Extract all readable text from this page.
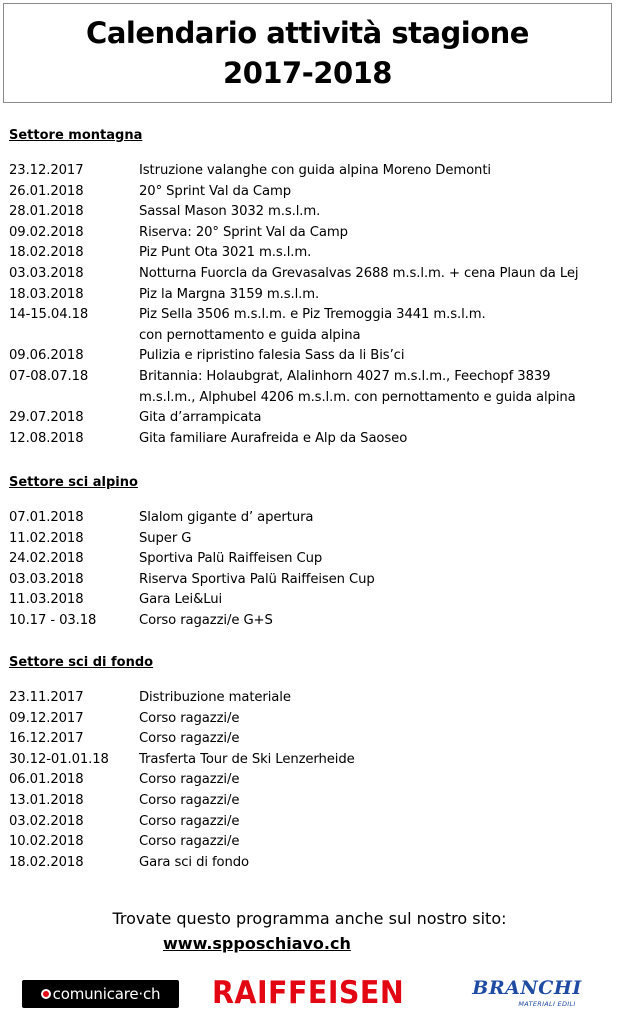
Calendario attività stagione
2017-2018
Settore montagna
23.12.2017	Istruzione valanghe con guida alpina Moreno Demonti
26.01.2018	20° Sprint Val da Camp
28.01.2018	Sassal Mason 3032 m.s.l.m.
09.02.2018	Riserva: 20° Sprint Val da Camp
18.02.2018	Piz Punt Ota 3021 m.s.l.m.
03.03.2018	Notturna Fuorcla da Grevasalvas 2688 m.s.l.m. + cena Plaun da Lej
18.03.2018	Piz la Margna 3159 m.s.l.m.
14-15.04.18	Piz Sella 3506 m.s.l.m. e Piz Tremoggia 3441 m.s.l.m.
con pernottamento e guida alpina
09.06.2018	Pulizia e ripristino falesia Sass da li Bis’ci
07-08.07.18	Britannia: Holaubgrat, Alalinhorn 4027 m.s.l.m., Feechopf 3839
m.s.l.m., Alphubel 4206 m.s.l.m. con pernottamento e guida alpina
29.07.2018	Gita d’arrampicata
12.08.2018	Gita familiare Aurafreida e Alp da Saoseo
Settore sci alpino
07.01.2018	Slalom gigante d’ apertura
11.02.2018	Super G
24.02.2018	Sportiva Palü Raiffeisen Cup
03.03.2018	Riserva Sportiva Palü Raiffeisen Cup
11.03.2018	Gara Lei&Lui
10.17 - 03.18	Corso ragazzi/e G+S
Settore sci di fondo
23.11.2017	Distribuzione materiale
09.12.2017	Corso ragazzi/e
16.12.2017	Corso ragazzi/e
30.12-01.01.18	Trasferta Tour de Ski Lenzerheide
06.01.2018	Corso ragazzi/e
13.01.2018	Corso ragazzi/e
03.02.2018	Corso ragazzi/e
10.02.2018	Corso ragazzi/e
18.02.2018	Gara sci di fondo
Trovate questo programma anche sul nostro sito:
www.spposchiavo.ch
comunicare·ch RAIFFEISEN	BRANCHI
MATERIALI EDILI
